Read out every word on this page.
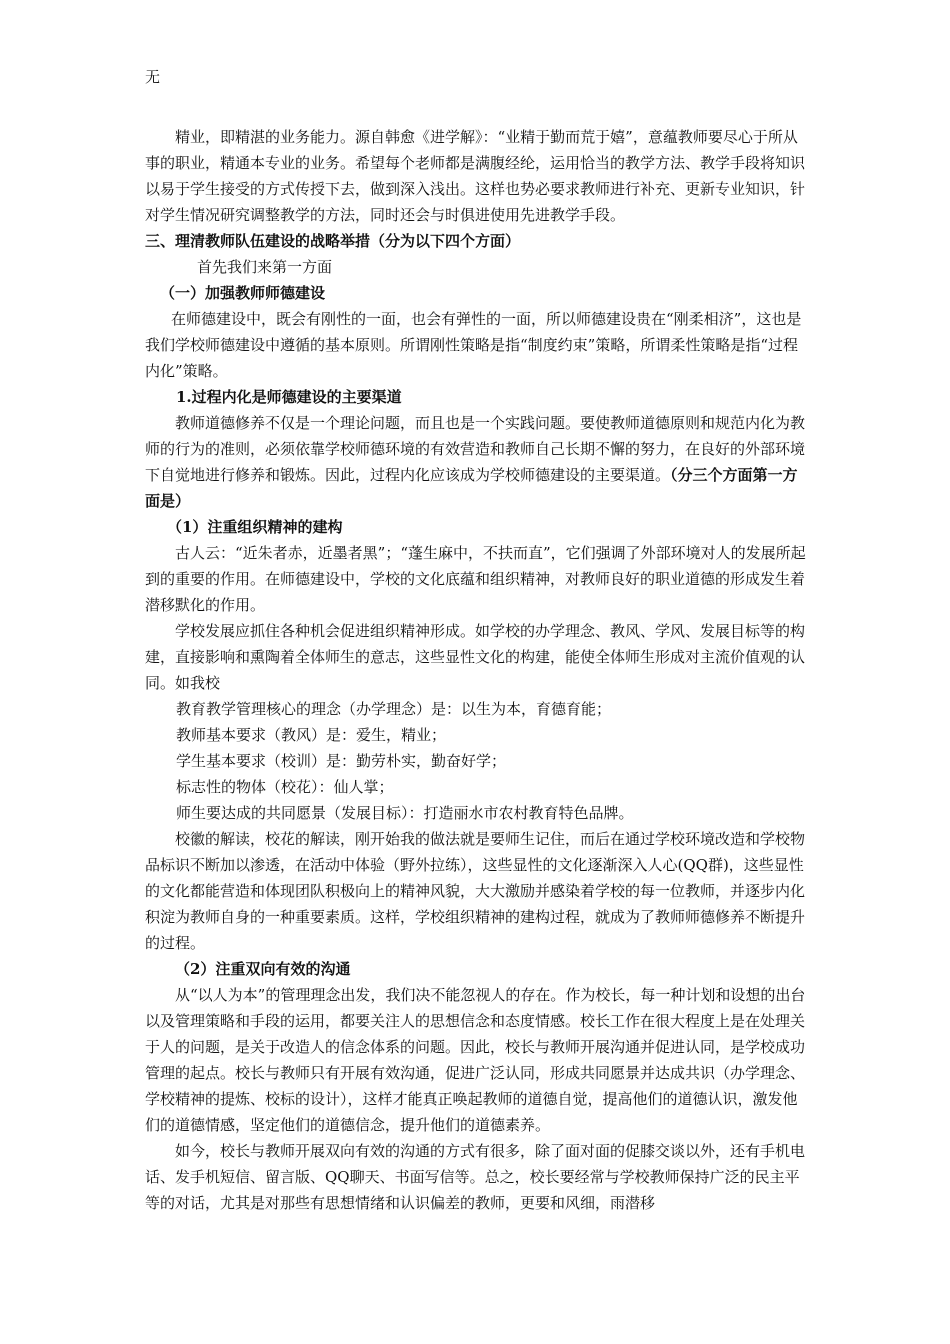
无

精业，即精湛的业务能力。源自韩愈《进学解》：“业精于勤而荒于嬉”，意蕴教师要尽心于所从事的职业，精通本专业的业务。希望每个老师都是满腹经纶，运用恰当的教学方法、教学手段将知识以易于学生接受的方式传授下去，做到深入浅出。这样也势必要求教师进行补充、更新专业知识，针对学生情况研究调整教学的方法，同时还会与时俱进使用先进教学手段。

三、理清教师队伍建设的战略举措（分为以下四个方面）

首先我们来第一方面

（一）加强教师师德建设

在师德建设中，既会有刚性的一面，也会有弹性的一面，所以师德建设贵在“刚柔相济”，这也是我们学校师德建设中遵循的基本原则。所谓刚性策略是指“制度约束”策略，所谓柔性策略是指“过程内化”策略。

1.过程内化是师德建设的主要渠道

教师道德修养不仅是一个理论问题，而且也是一个实践问题。要使教师道德原则和规范内化为教师的行为的准则，必须依靠学校师德环境的有效营造和教师自己长期不懈的努力，在良好的外部环境下自觉地进行修养和锻炼。因此，过程内化应该成为学校师德建设的主要渠道。（分三个方面第一方面是）

（1）注重组织精神的建构

古人云：“近朱者赤，近墨者黑”；“蓬生麻中，不扶而直”，它们强调了外部环境对人的发展所起到的重要的作用。在师德建设中，学校的文化底蕴和组织精神，对教师良好的职业道德的形成发生着潜移默化的作用。

学校发展应抓住各种机会促进组织精神形成。如学校的办学理念、教风、学风、发展目标等的构建，直接影响和熏陶着全体师生的意志，这些显性文化的构建，能使全体师生形成对主流价值观的认同。如我校

教育教学管理核心的理念（办学理念）是：以生为本，育德育能；

教师基本要求（教风）是：爱生，精业；

学生基本要求（校训）是：勤劳朴实，勤奋好学；

标志性的物体（校花）：仙人掌；

师生要达成的共同愿景（发展目标）：打造丽水市农村教育特色品牌。

校徽的解读，校花的解读，刚开始我的做法就是要师生记住，而后在通过学校环境改造和学校物品标识不断加以渗透，在活动中体验（野外拉练），这些显性的文化逐渐深入人心(QQ群)，这些显性的文化都能营造和体现团队积极向上的精神风貌，大大激励并感染着学校的每一位教师，并逐步内化积淀为教师自身的一种重要素质。这样，学校组织精神的建构过程，就成为了教师师德修养不断提升的过程。

（2）注重双向有效的沟通

从“以人为本”的管理理念出发，我们决不能忽视人的存在。作为校长，每一种计划和设想的出台以及管理策略和手段的运用，都要关注人的思想信念和态度情感。校长工作在很大程度上是在处理关于人的问题，是关于改造人的信念体系的问题。因此，校长与教师开展沟通并促进认同，是学校成功管理的起点。校长与教师只有开展有效沟通，促进广泛认同，形成共同愿景并达成共识（办学理念、学校精神的提炼、校标的设计），这样才能真正唤起教师的道德自觉，提高他们的道德认识，激发他们的道德情感，坚定他们的道德信念，提升他们的道德素养。

如今，校长与教师开展双向有效的沟通的方式有很多，除了面对面的促膝交谈以外，还有手机电话、发手机短信、留言版、QQ聊天、书面写信等。总之，校长要经常与学校教师保持广泛的民主平等的对话，尤其是对那些有思想情绪和认识偏差的教师，更要和风细，雨潜移
